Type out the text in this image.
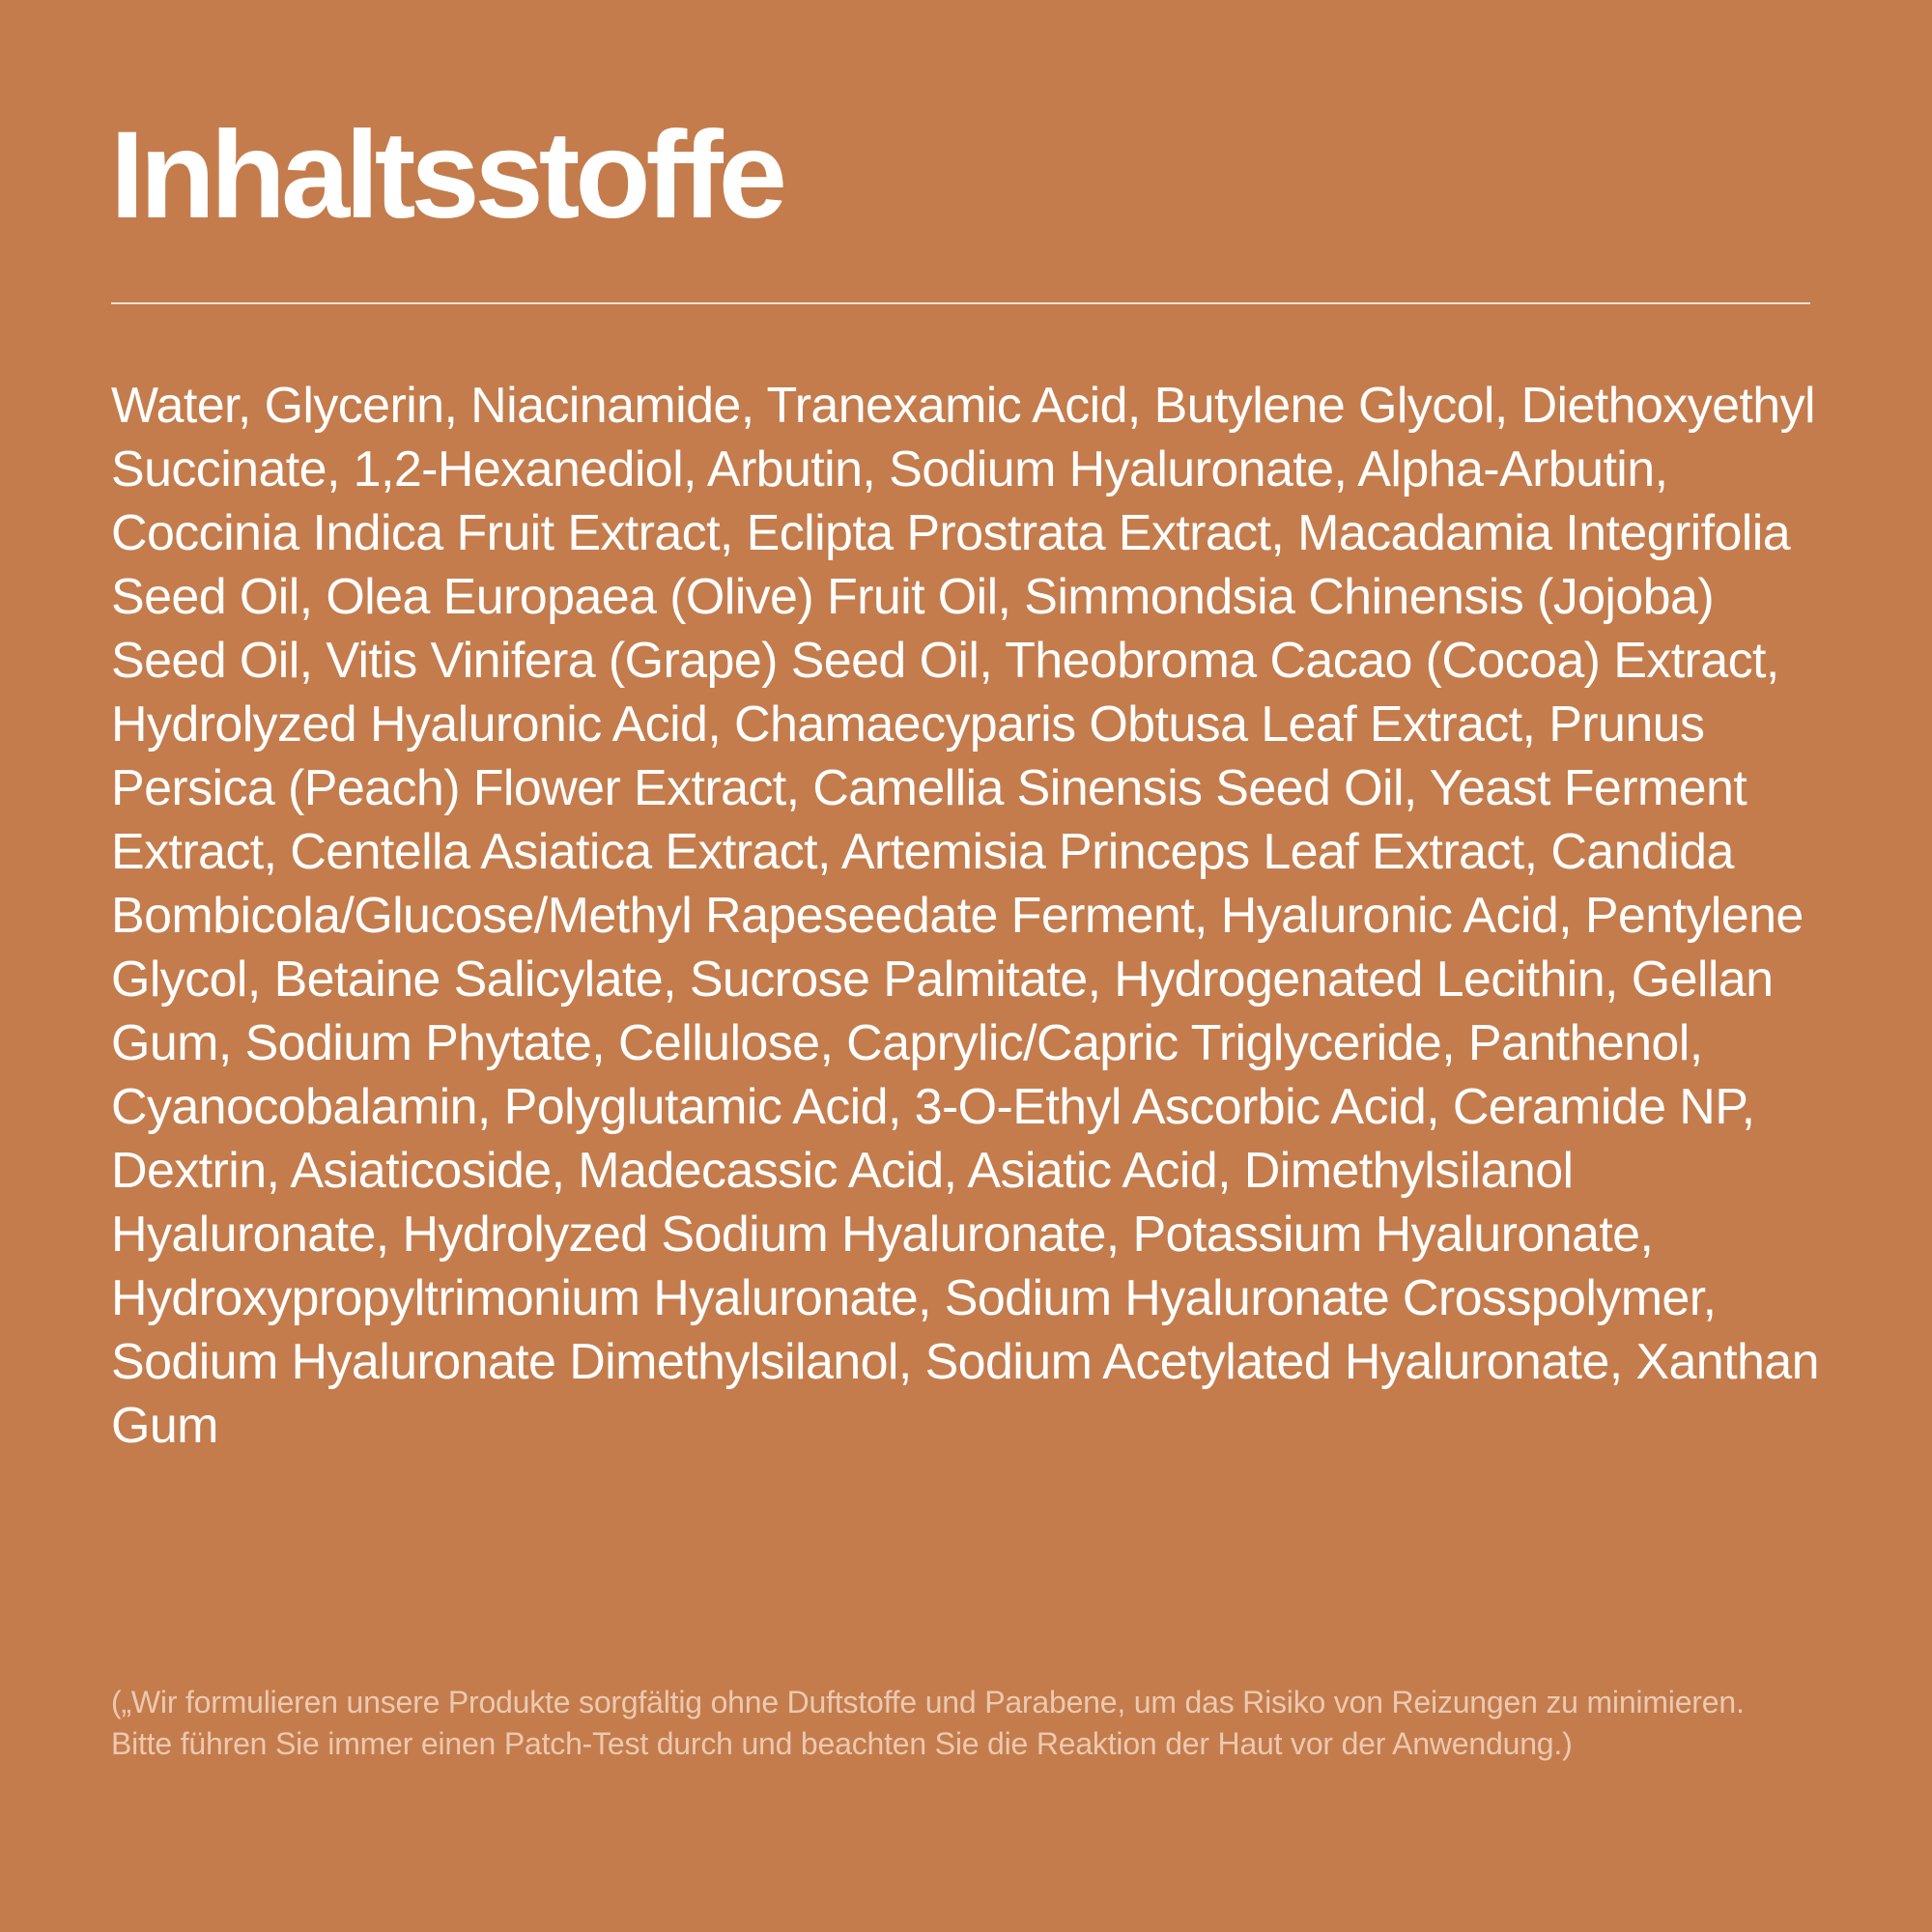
Inhaltsstoffe

Water, Glycerin, Niacinamide, Tranexamic Acid, Butylene Glycol, Diethoxyethyl Succinate, 1,2-Hexanediol, Arbutin, Sodium Hyaluronate, Alpha-Arbutin, Coccinia Indica Fruit Extract, Eclipta Prostrata Extract, Macadamia Integrifolia Seed Oil, Olea Europaea (Olive) Fruit Oil, Simmondsia Chinensis (Jojoba) Seed Oil, Vitis Vinifera (Grape) Seed Oil, Theobroma Cacao (Cocoa) Extract, Hydrolyzed Hyaluronic Acid, Chamaecyparis Obtusa Leaf Extract, Prunus Persica (Peach) Flower Extract, Camellia Sinensis Seed Oil, Yeast Ferment Extract, Centella Asiatica Extract, Artemisia Princeps Leaf Extract, Candida Bombicola/Glucose/Methyl Rapeseedate Ferment, Hyaluronic Acid, Pentylene Glycol, Betaine Salicylate, Sucrose Palmitate, Hydrogenated Lecithin, Gellan Gum, Sodium Phytate, Cellulose, Caprylic/Capric Triglyceride, Panthenol, Cyanocobalamin, Polyglutamic Acid, 3-O-Ethyl Ascorbic Acid, Ceramide NP, Dextrin, Asiaticoside, Madecassic Acid, Asiatic Acid, Dimethylsilanol Hyaluronate, Hydrolyzed Sodium Hyaluronate, Potassium Hyaluronate, Hydroxypropyltrimonium Hyaluronate, Sodium Hyaluronate Crosspolymer, Sodium Hyaluronate Dimethylsilanol, Sodium Acetylated Hyaluronate, Xanthan Gum

(„Wir formulieren unsere Produkte sorgfältig ohne Duftstoffe und Parabene, um das Risiko von Reizungen zu minimieren. Bitte führen Sie immer einen Patch-Test durch und beachten Sie die Reaktion der Haut vor der Anwendung.)
